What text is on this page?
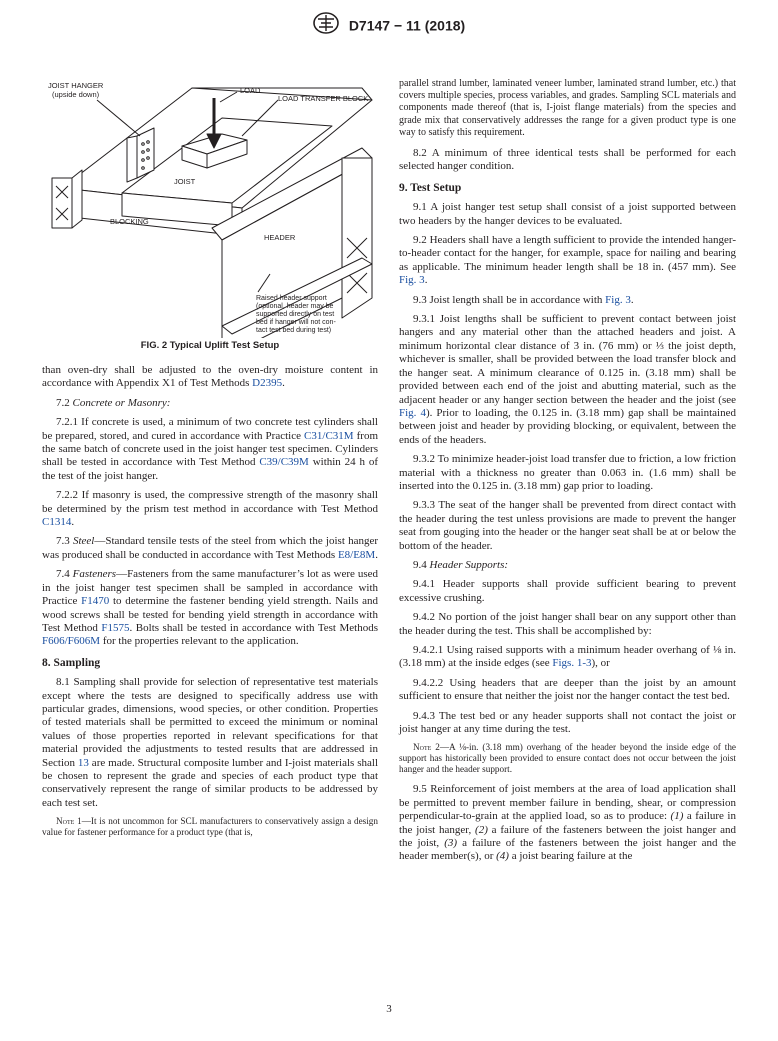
D7147 − 11 (2018)
JOIST HANGER
(upside down)	LOAD
LOAD TRANSFER BLOCK
JOIST
BLOCKING
HEADER
Raised header support
(optional, header may be
supported directly on test
bed if hanger will not con-
tact test bed during test)
FIG. 2 Typical Uplift Test Setup

than oven-dry shall be adjusted to the oven-dry moisture content in accordance with Appendix X1 of Test Methods D2395.

7.2 Concrete or Masonry:

7.2.1 If concrete is used, a minimum of two concrete test cylinders shall be prepared, stored, and cured in accordance with Practice C31/C31M from the same batch of concrete used in the joist hanger test specimen. Cylinders shall be tested in accordance with Test Method C39/C39M within 24 h of the test of the joist hanger.

7.2.2 If masonry is used, the compressive strength of the masonry shall be determined by the prism test method in accordance with Test Method C1314.

7.3 Steel—Standard tensile tests of the steel from which the joist hanger was produced shall be conducted in accordance with Test Methods E8/E8M.

7.4 Fasteners—Fasteners from the same manufacturer’s lot as were used in the joist hanger test specimen shall be sampled in accordance with Practice F1470 to determine the fastener bending yield strength. Nails and wood screws shall be tested for bending yield strength in accordance with Test Method F1575. Bolts shall be tested in accordance with Test Methods F606/F606M for the properties relevant to the application.

8. Sampling

8.1 Sampling shall provide for selection of representative test materials except where the tests are designed to specifically address use with particular grades, dimensions, wood species, or other condition. Properties of tested materials shall be permitted to exceed the minimum or nominal values of those properties reported in relevant specifications for that material provided the adjustments to tested results that are addressed in Section 13 are made. Structural composite lumber and I-joist materials shall be chosen to represent the grade and species of each product type that conservatively represent the range of similar products to be addressed by each test set.

Note 1—It is not uncommon for SCL manufacturers to conservatively assign a design value for fastener performance for a product type (that is,

parallel strand lumber, laminated veneer lumber, laminated strand lumber, etc.) that covers multiple species, process variables, and grades. Sampling SCL materials and components made thereof (that is, I-joist flange materials) from the species and grade mix that conservatively addresses the range for a given product type is one way to satisfy this requirement.

8.2 A minimum of three identical tests shall be performed for each selected hanger condition.

9. Test Setup

9.1 A joist hanger test setup shall consist of a joist supported between two headers by the hanger devices to be evaluated.

9.2 Headers shall have a length sufficient to provide the intended hanger-to-header contact for the hanger, for example, space for nailing and bearing as applicable. The minimum header length shall be 18 in. (457 mm). See Fig. 3.

9.3 Joist length shall be in accordance with Fig. 3.

9.3.1 Joist lengths shall be sufficient to prevent contact between joist hangers and any material other than the attached headers and joist. A minimum horizontal clear distance of 3 in. (76 mm) or ⅓ the joist depth, whichever is smaller, shall be provided between the load transfer block and the hanger seat. A minimum clearance of 0.125 in. (3.18 mm) shall be provided between each end of the joist and abutting material, such as the adjacent header or any hanger section between the header and the joist (see Fig. 4). Prior to loading, the 0.125 in. (3.18 mm) gap shall be maintained between joist and header by providing blocking, or equivalent, between the ends of the headers.

9.3.2 To minimize header-joist load transfer due to friction, a low friction material with a thickness no greater than 0.063 in. (1.6 mm) shall be inserted into the 0.125 in. (3.18 mm) gap prior to loading.

9.3.3 The seat of the hanger shall be prevented from direct contact with the header during the test unless provisions are made to prevent the hanger seat from gouging into the header or the hanger seat shall be at or below the bottom of the header.

9.4 Header Supports:

9.4.1 Header supports shall provide sufficient bearing to prevent excessive crushing.

9.4.2 No portion of the joist hanger shall bear on any support other than the header during the test. This shall be accomplished by:

9.4.2.1 Using raised supports with a minimum header overhang of ⅛ in. (3.18 mm) at the inside edges (see Figs. 1-3), or

9.4.2.2 Using headers that are deeper than the joist by an amount sufficient to ensure that neither the joist nor the hanger contact the test bed.

9.4.3 The test bed or any header supports shall not contact the joist or joist hanger at any time during the test.

Note 2—A ⅛-in. (3.18 mm) overhang of the header beyond the inside edge of the support has historically been provided to ensure contact does not occur between the joist hanger and the header support.

9.5 Reinforcement of joist members at the area of load application shall be permitted to prevent member failure in bending, shear, or compression perpendicular-to-grain at the applied load, so as to produce: (1) a failure in the joist hanger, (2) a failure of the fasteners between the joist hanger and the joist, (3) a failure of the fasteners between the joist hanger and the header member(s), or (4) a joist bearing failure at the

3
